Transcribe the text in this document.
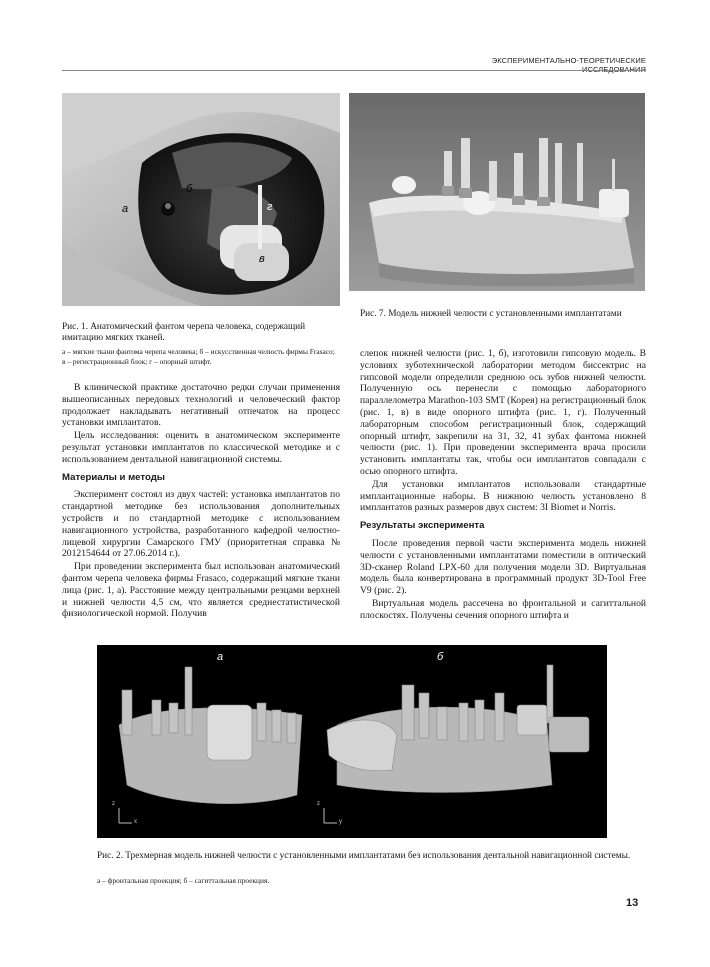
ЭКСПЕРИМЕНТАЛЬНО-ТЕОРЕТИЧЕСКИЕ
а
б
г
в
Рис. 1. Анатомический фантом черепа человека, содержащий имитацию мягких тканей.
а – мягкие ткани фантома черепа человека; б – искусственная челюсть фирмы Frasaco; в – регистрационный блок; г – опорный штифт.
Рис. 7. Модель нижней челюсти с установленными имплантатами

В клинической практике достаточно редки случаи применения вышеописанных передовых технологий и человеческий фактор продолжает накладывать негативный отпечаток на процесс установки имплантатов.

Цель исследования: оценить в анатомическом эксперименте результат установки имплантатов по классической методике и с использованием дентальной навигационной системы.

Материалы и методы

Эксперимент состоял из двух частей: установка имплантатов по стандартной методике без использования дополнительных устройств и по стандартной методике с использованием навигационного устройства, разработанного кафедрой челюстно-лицевой хирургии Самарского ГМУ (приоритетная справка № 2012154644 от 27.06.2014 г.).

При проведении эксперимента был использован анатомический фантом черепа человека фирмы Frasaco, содержащий мягкие ткани лица (рис. 1, а). Расстояние между центральными резцами верхней и нижней челюсти 4,5 см, что является среднестатистической физиологической нормой. Получив

слепок нижней челюсти (рис. 1, б), изготовили гипсовую модель. В условиях зуботехнической лаборатории методом биссектрис на гипсовой модели определили среднюю ось зубов нижней челюсти. Полученную ось перенесли с помощью лабораторного параллелометра Marathon-103 SMT (Корея) на регистрационный блок (рис. 1, в) в виде опорного штифта (рис. 1, г). Полученный лабораторным способом регистрационный блок, содержащий опорный штифт, закрепили на 31, 32, 41 зубах фантома нижней челюсти (рис. 1). При проведении эксперимента врача просили установить имплантаты так, чтобы оси имплантатов совпадали с осью опорного штифта.

Для установки имплантатов использовали стандартные имплантационные наборы. В нижнюю челюсть установлено 8 имплантатов разных размеров двух систем: 3I Biomet и Norris.

Результаты эксперимента

После проведения первой части эксперимента модель нижней челюсти с установленными имплантатами поместили в оптический 3D-сканер Roland LPX-60 для получения модели 3D. Виртуальная модель была конвертирована в программный продукт 3D-Tool Free V9 (рис. 2).

Виртуальная модель рассечена во фронтальной и сагиттальной плоскостях. Получены сечения опорного штифта и

а	б
z
x
z
y
Рис. 2. Трехмерная модель нижней челюсти с установленными имплантатами без использования дентальной навигационной системы.
а – фронтальная проекция; б – сагиттальная проекция.
13
